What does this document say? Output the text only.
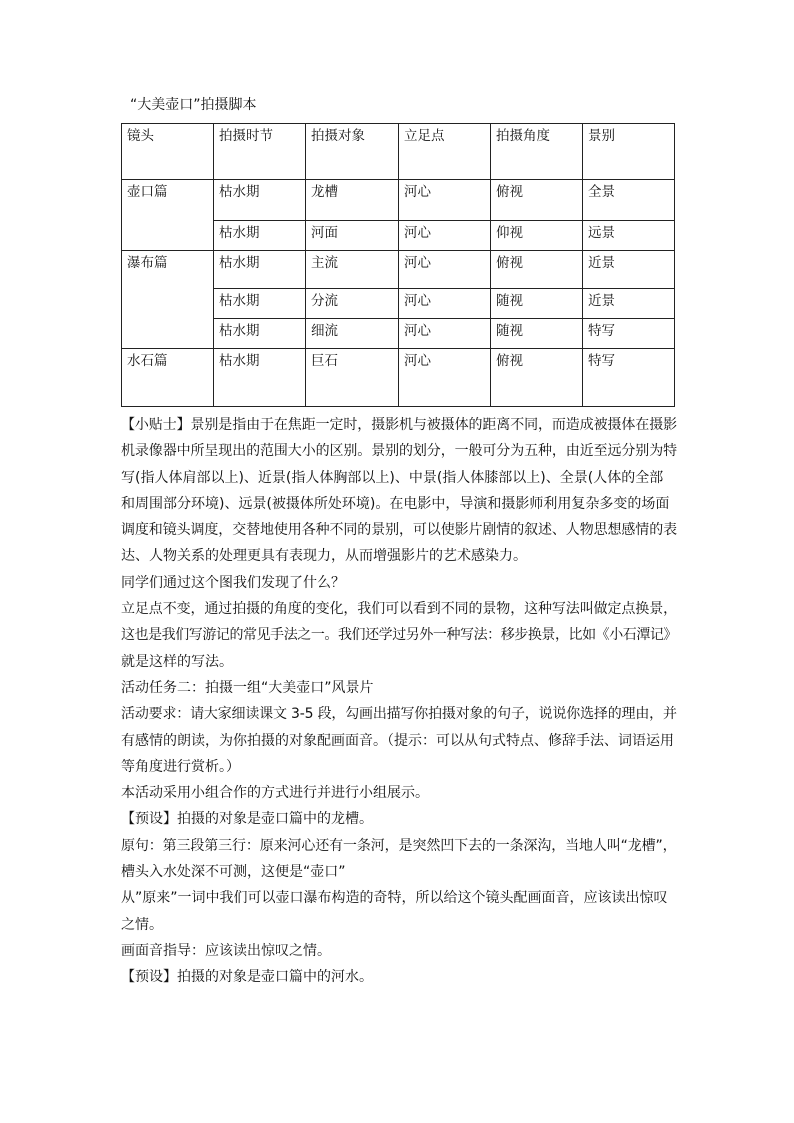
“大美壶口”拍摄脚本
镜头	拍摄时节	拍摄对象	立足点	拍摄角度	景别
壶口篇	枯水期	龙槽	河心	俯视	全景
	枯水期	河面	河心	仰视	远景
瀑布篇	枯水期	主流	河心	俯视	近景
	枯水期	分流	河心	随视	近景
	枯水期	细流	河心	随视	特写
水石篇	枯水期	巨石	河心	俯视	特写

【小贴士】景别是指由于在焦距一定时，摄影机与被摄体的距离不同，而造成被摄体在摄影
机录像器中所呈现出的范围大小的区别。景别的划分，一般可分为五种，由近至远分别为特
写(指人体肩部以上)、近景(指人体胸部以上)、中景(指人体膝部以上)、全景(人体的全部
和周围部分环境)、远景(被摄体所处环境)。在电影中，导演和摄影师利用复杂多变的场面
调度和镜头调度，交替地使用各种不同的景别，可以使影片剧情的叙述、人物思想感情的表
达、人物关系的处理更具有表现力，从而增强影片的艺术感染力。

同学们通过这个图我们发现了什么？

立足点不变，通过拍摄的角度的变化，我们可以看到不同的景物，这种写法叫做定点换景，
这也是我们写游记的常见手法之一。我们还学过另外一种写法：移步换景，比如《小石潭记》
就是这样的写法。

活动任务二：拍摄一组“大美壶口”风景片

活动要求：请大家细读课文 3-5 段，勾画出描写你拍摄对象的句子，说说你选择的理由，并
有感情的朗读，为你拍摄的对象配画面音。（提示：可以从句式特点、修辞手法、词语运用
等角度进行赏析。）

本活动采用小组合作的方式进行并进行小组展示。

【预设】拍摄的对象是壶口篇中的龙槽。

原句：第三段第三行：原来河心还有一条河，是突然凹下去的一条深沟，当地人叫“龙槽”，
槽头入水处深不可测，这便是“壶口”

从”原来”一词中我们可以壶口瀑布构造的奇特，所以给这个镜头配画面音，应该读出惊叹
之情。

画面音指导：应该读出惊叹之情。

【预设】拍摄的对象是壶口篇中的河水。
